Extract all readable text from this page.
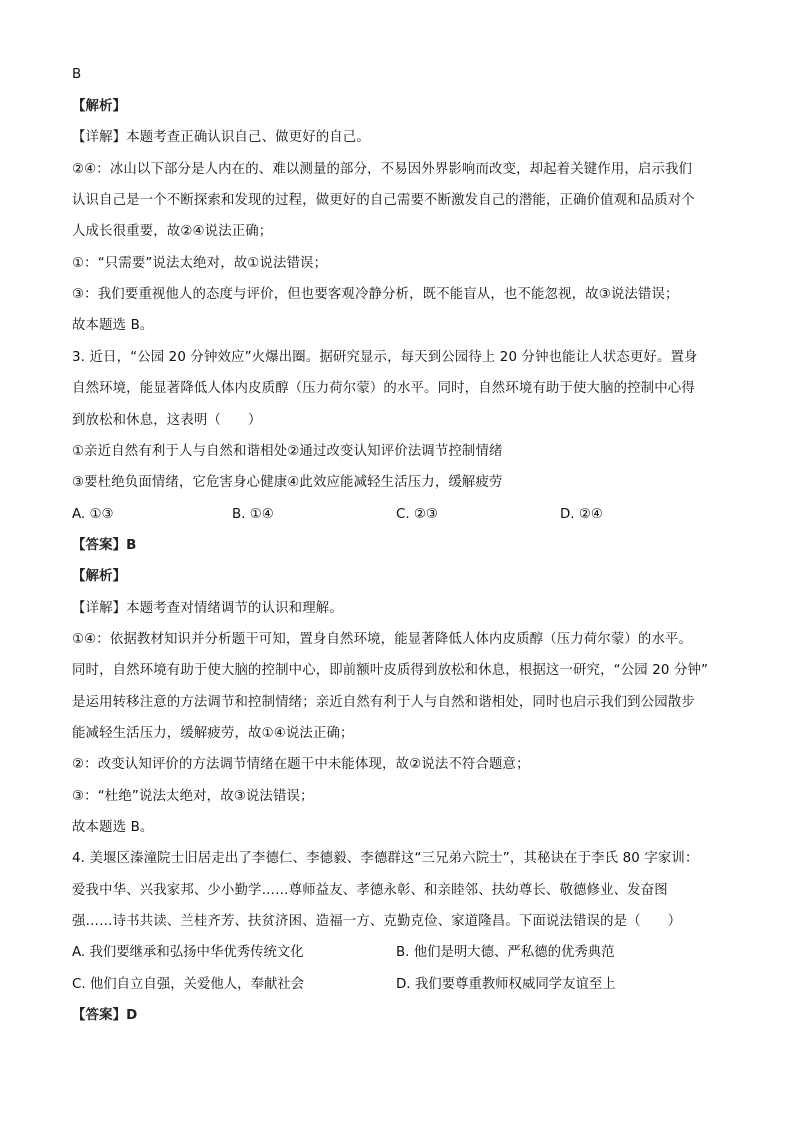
B
【解析】
【详解】本题考查正确认识自己、做更好的自己。
②④：冰山以下部分是人内在的、难以测量的部分，不易因外界影响而改变，却起着关键作用，启示我们
认识自己是一个不断探索和发现的过程，做更好的自己需要不断激发自己的潜能，正确价值观和品质对个
人成长很重要，故②④说法正确；
①：“只需要”说法太绝对，故①说法错误；
③：我们要重视他人的态度与评价，但也要客观冷静分析，既不能盲从，也不能忽视，故③说法错误；
故本题选 B。
3. 近日，“公园 20 分钟效应”火爆出圈。据研究显示，每天到公园待上 20 分钟也能让人状态更好。置身
自然环境，能显著降低人体内皮质醇（压力荷尔蒙）的水平。同时，自然环境有助于使大脑的控制中心得
到放松和休息，这表明（　　）
①亲近自然有利于人与自然和谐相处②通过改变认知评价法调节控制情绪
③要杜绝负面情绪，它危害身心健康④此效应能减轻生活压力，缓解疲劳
A. ①③	B. ①④	C. ②③	D. ②④
【答案】B
【解析】
【详解】本题考查对情绪调节的认识和理解。
①④：依据教材知识并分析题干可知，置身自然环境，能显著降低人体内皮质醇（压力荷尔蒙）的水平。
同时，自然环境有助于使大脑的控制中心，即前额叶皮质得到放松和休息，根据这一研究，“公园 20 分钟”
是运用转移注意的方法调节和控制情绪；亲近自然有利于人与自然和谐相处，同时也启示我们到公园散步
能减轻生活压力，缓解疲劳，故①④说法正确；
②：改变认知评价的方法调节情绪在题干中未能体现，故②说法不符合题意；
③：“杜绝”说法太绝对，故③说法错误；
故本题选 B。
4. 美堰区溱潼院士旧居走出了李德仁、李德毅、李德群这“三兄弟六院士”，其秘诀在于李氏 80 字家训：
爱我中华、兴我家邦、少小勤学……尊师益友、孝德永彰、和亲睦邻、扶幼尊长、敬德修业、发奋图
强……诗书共读、兰桂齐芳、扶贫济困、造福一方、克勤克俭、家道隆昌。下面说法错误的是（　　）
A. 我们要继承和弘扬中华优秀传统文化	B. 他们是明大德、严私德的优秀典范
C. 他们自立自强，关爱他人，奉献社会	D. 我们要尊重教师权威同学友谊至上
【答案】D
